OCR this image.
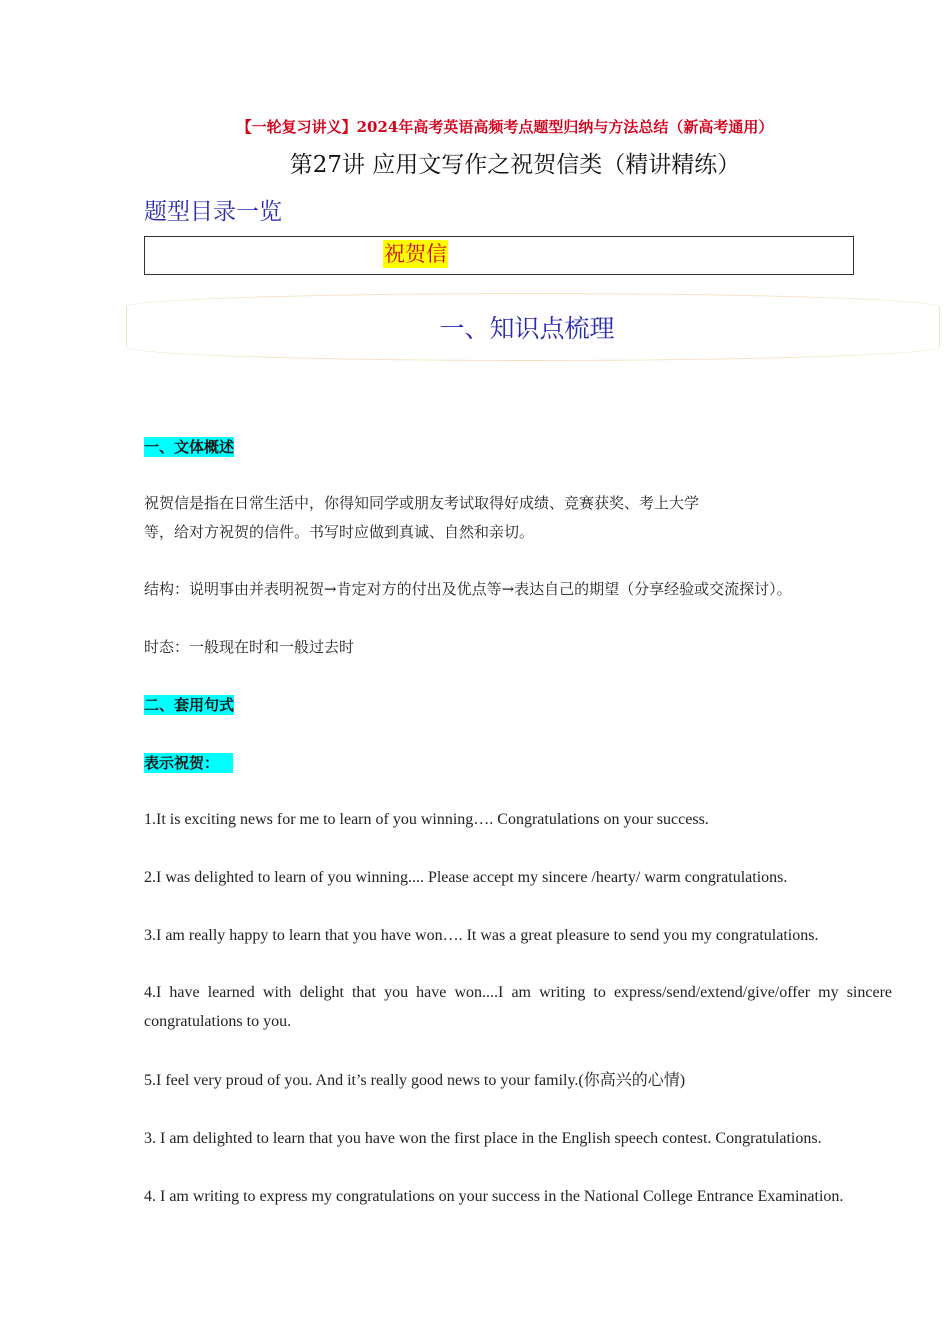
【一轮复习讲义】2024年高考英语高频考点题型归纳与方法总结（新高考通用）
第27讲 应用文写作之祝贺信类（精讲精练）
题型目录一览
祝贺信
一、知识点梳理
一、文体概述
祝贺信是指在日常生活中，你得知同学或朋友考试取得好成绩、竞赛获奖、考上大学
等，给对方祝贺的信件。书写时应做到真诚、自然和亲切。
结构：说明事由并表明祝贺→肯定对方的付出及优点等→表达自己的期望（分享经验或交流探讨）。
时态：一般现在时和一般过去时
二、套用句式
表示祝贺：
1.It is exciting news for me to learn of you winning…. Congratulations on your success.
2.I was delighted to learn of you winning.... Please accept my sincere /hearty/ warm congratulations.
3.I am really happy to learn that you have won…. It was a great pleasure to send you my congratulations.
4.I have learned with delight that you have won....I am writing to express/send/extend/give/offer my sincere congratulations to you.
5.I feel very proud of you. And it’s really good news to your family.(你高兴的心情)
3. I am delighted to learn that you have won the first place in the English speech contest. Congratulations.
4. I am writing to express my congratulations on your success in the National College Entrance Examination.
